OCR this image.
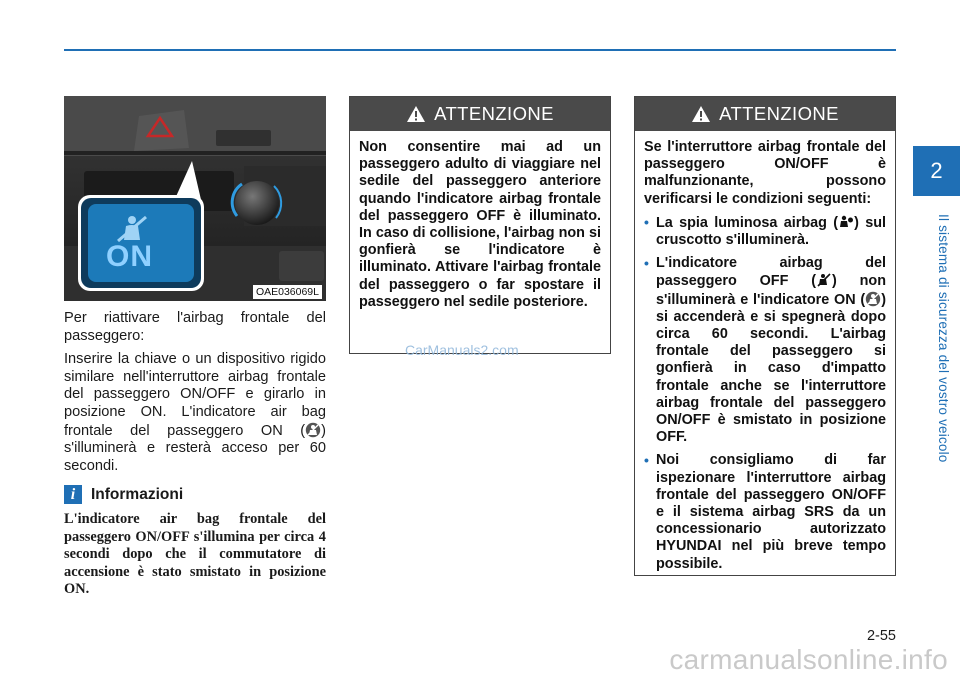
2
Il sistema di sicurezza del vostro veicolo
ON
OAE036069L

Per riattivare l'airbag frontale del passeggero:

Inserire la chiave o un dispositivo rigido similare nell'interruttore airbag frontale del passeggero ON/OFF e girarlo in posizione ON. L'indicatore air bag frontale del passeggero ON ( ) s'illuminerà e resterà acceso per 60 secondi.

i	Informazioni
L'indicatore air bag frontale del passeggero ON/OFF s'illumina per circa 4 secondi dopo che il commutatore di accensione è stato smistato in posizione ON.
ATTENZIONE
Non consentire mai ad un passeggero adulto di viaggiare nel sedile del passeggero anteriore quando l'indicatore airbag frontale del passeggero OFF è illuminato. In caso di collisione, l'airbag non si gonfierà se l'indicatore è illuminato. Attivare l'airbag frontale del passeggero o far spostare il passeggero nel sedile posteriore.
ATTENZIONE
Se l'interruttore airbag frontale del passeggero ON/OFF è malfunzionante, possono verificarsi le condizioni seguenti:
• La spia luminosa airbag ( ) sul cruscotto s'illuminerà.
• L'indicatore airbag del passeggero OFF ( ) non s'illuminerà e l'indicatore ON ( ) si accenderà e si spegnerà dopo circa 60 secondi. L'airbag frontale del passeggero si gonfierà in caso d'impatto frontale anche se l'interruttore airbag frontale del passeggero ON/OFF è smistato in posizione OFF.
• Noi consigliamo di far ispezionare l'interruttore airbag frontale del passeggero ON/OFF e il sistema airbag SRS da un concessionario autorizzato HYUNDAI nel più breve tempo possibile.
CarManuals2.com
2-55
carmanualsonline.info
